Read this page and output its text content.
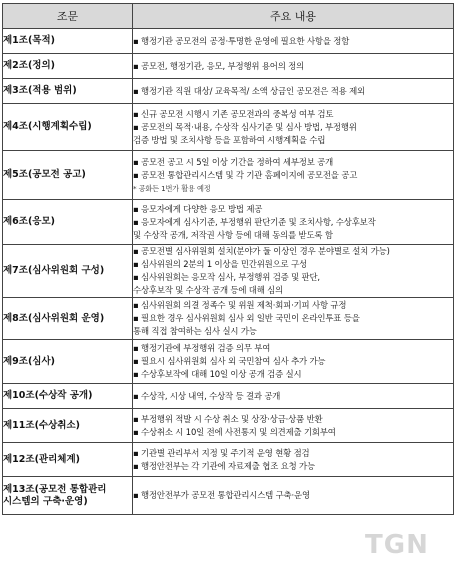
조문	주요 내용
제1조(목적)	▪ 행정기관 공모전의 공정·투명한 운영에 필요한 사항을 정함

제2조(정의)	▪ 공모전, 행정기관, 응모, 부정행위 용어의 정의

제3조(적용 범위)	▪ 행정기관 직원 대상/ 교육목적/ 소액 상금인 공모전은 적용 제외

제4조(시행계획수립)	▪ 신규 공모전 시행시 기존 공모전과의 중복성 여부 검토
▪ 공모전의 목적·내용, 수상작 심사기준 및 심사 방법, 부정행위
검증 방법 및 조치사항 등을 포함하여 시행계획을 수립

제5조(공모전 공고)	▪ 공모전 공고 시 5일 이상 기간을 정하여 세부정보 공개
▪ 공모전 통합관리시스템 및 각 기관 홈페이지에 공모전을 공고
* 공화든 1번가 활용 예정

제6조(응모)	▪ 응모자에게 다양한 응모 방법 제공
▪ 응모자에게 심사기준, 부정행위 판단기준 및 조치사항, 수상후보작
및 수상작 공개, 저작권 사항 등에 대해 동의를 받도록 함

제7조(심사위원회 구성)	▪ 공모전별 심사위원회 설치(분야가 둘 이상인 경우 분야별로 설치 가능)
▪ 심사위원의 2분의 1 이상을 민간위원으로 구성
▪ 심사위원회는 응모작 심사, 부정행위 검증 및 판단,
수상후보작 및 수상작 공개 등에 대해 심의

제8조(심사위원회 운영)	▪ 심사위원회 의결 정족수 및 위원 제척·회피·기피 사항 규정
▪ 필요한 경우 심사위원회 심사 외 일반 국민이 온라인투표 등을
통해 직접 참여하는 심사 실시 가능

제9조(심사)	▪ 행정기관에 부정행위 검증 의무 부여
▪ 필요시 심사위원회 심사 외 국민참여 심사 추가 가능
▪ 수상후보작에 대해 10일 이상 공개 검증 실시

제10조(수상작 공개)	▪ 수상작, 시상 내역, 수상작 등 결과 공개

제11조(수상취소)	▪ 부정행위 적발 시 수상 취소 및 상장·상금·상품 반환
▪ 수상취소 시 10일 전에 사전통지 및 의견제출 기회부여

제12조(관리체계)	▪ 기관별 관리부서 지정 및 주기적 운영 현황 점검
▪ 행정안전부는 각 기관에 자료제출 협조 요청 가능

제13조(공모전 통합관리
시스템의 구축·운영)	▪ 행정안전부가 공모전 통합관리시스템 구축·운영
TGN
